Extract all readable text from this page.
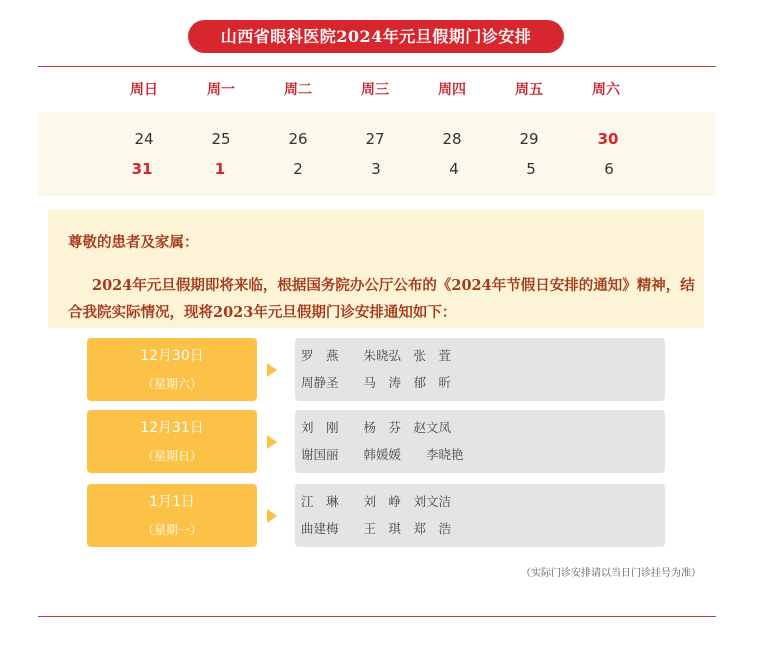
山西省眼科医院2024年元旦假期门诊安排
周日	周一	周二	周三	周四	周五	周六
24	25	26	27	28	29	30
31	1	2	3	4	5	6
尊敬的患者及家属：
2024年元旦假期即将来临，根据国务院办公厅公布的《2024年节假日安排的通知》精神，结合我院实际情况，现将2023年元旦假期门诊安排通知如下：
12月30日
（星期六）
罗　燕　　朱晓弘　张　萓
周静圣　　马　涛　郁　昕
12月31日
（星期日）
刘　刚　　杨　芬　赵文凤
谢国丽　　韩媛媛　　李晓艳
1月1日
（星期一）
江　琳　　刘　峥　刘文洁
曲建梅　　王　琪　郑　浩
（实际门诊安排请以当日门诊挂号为准）
